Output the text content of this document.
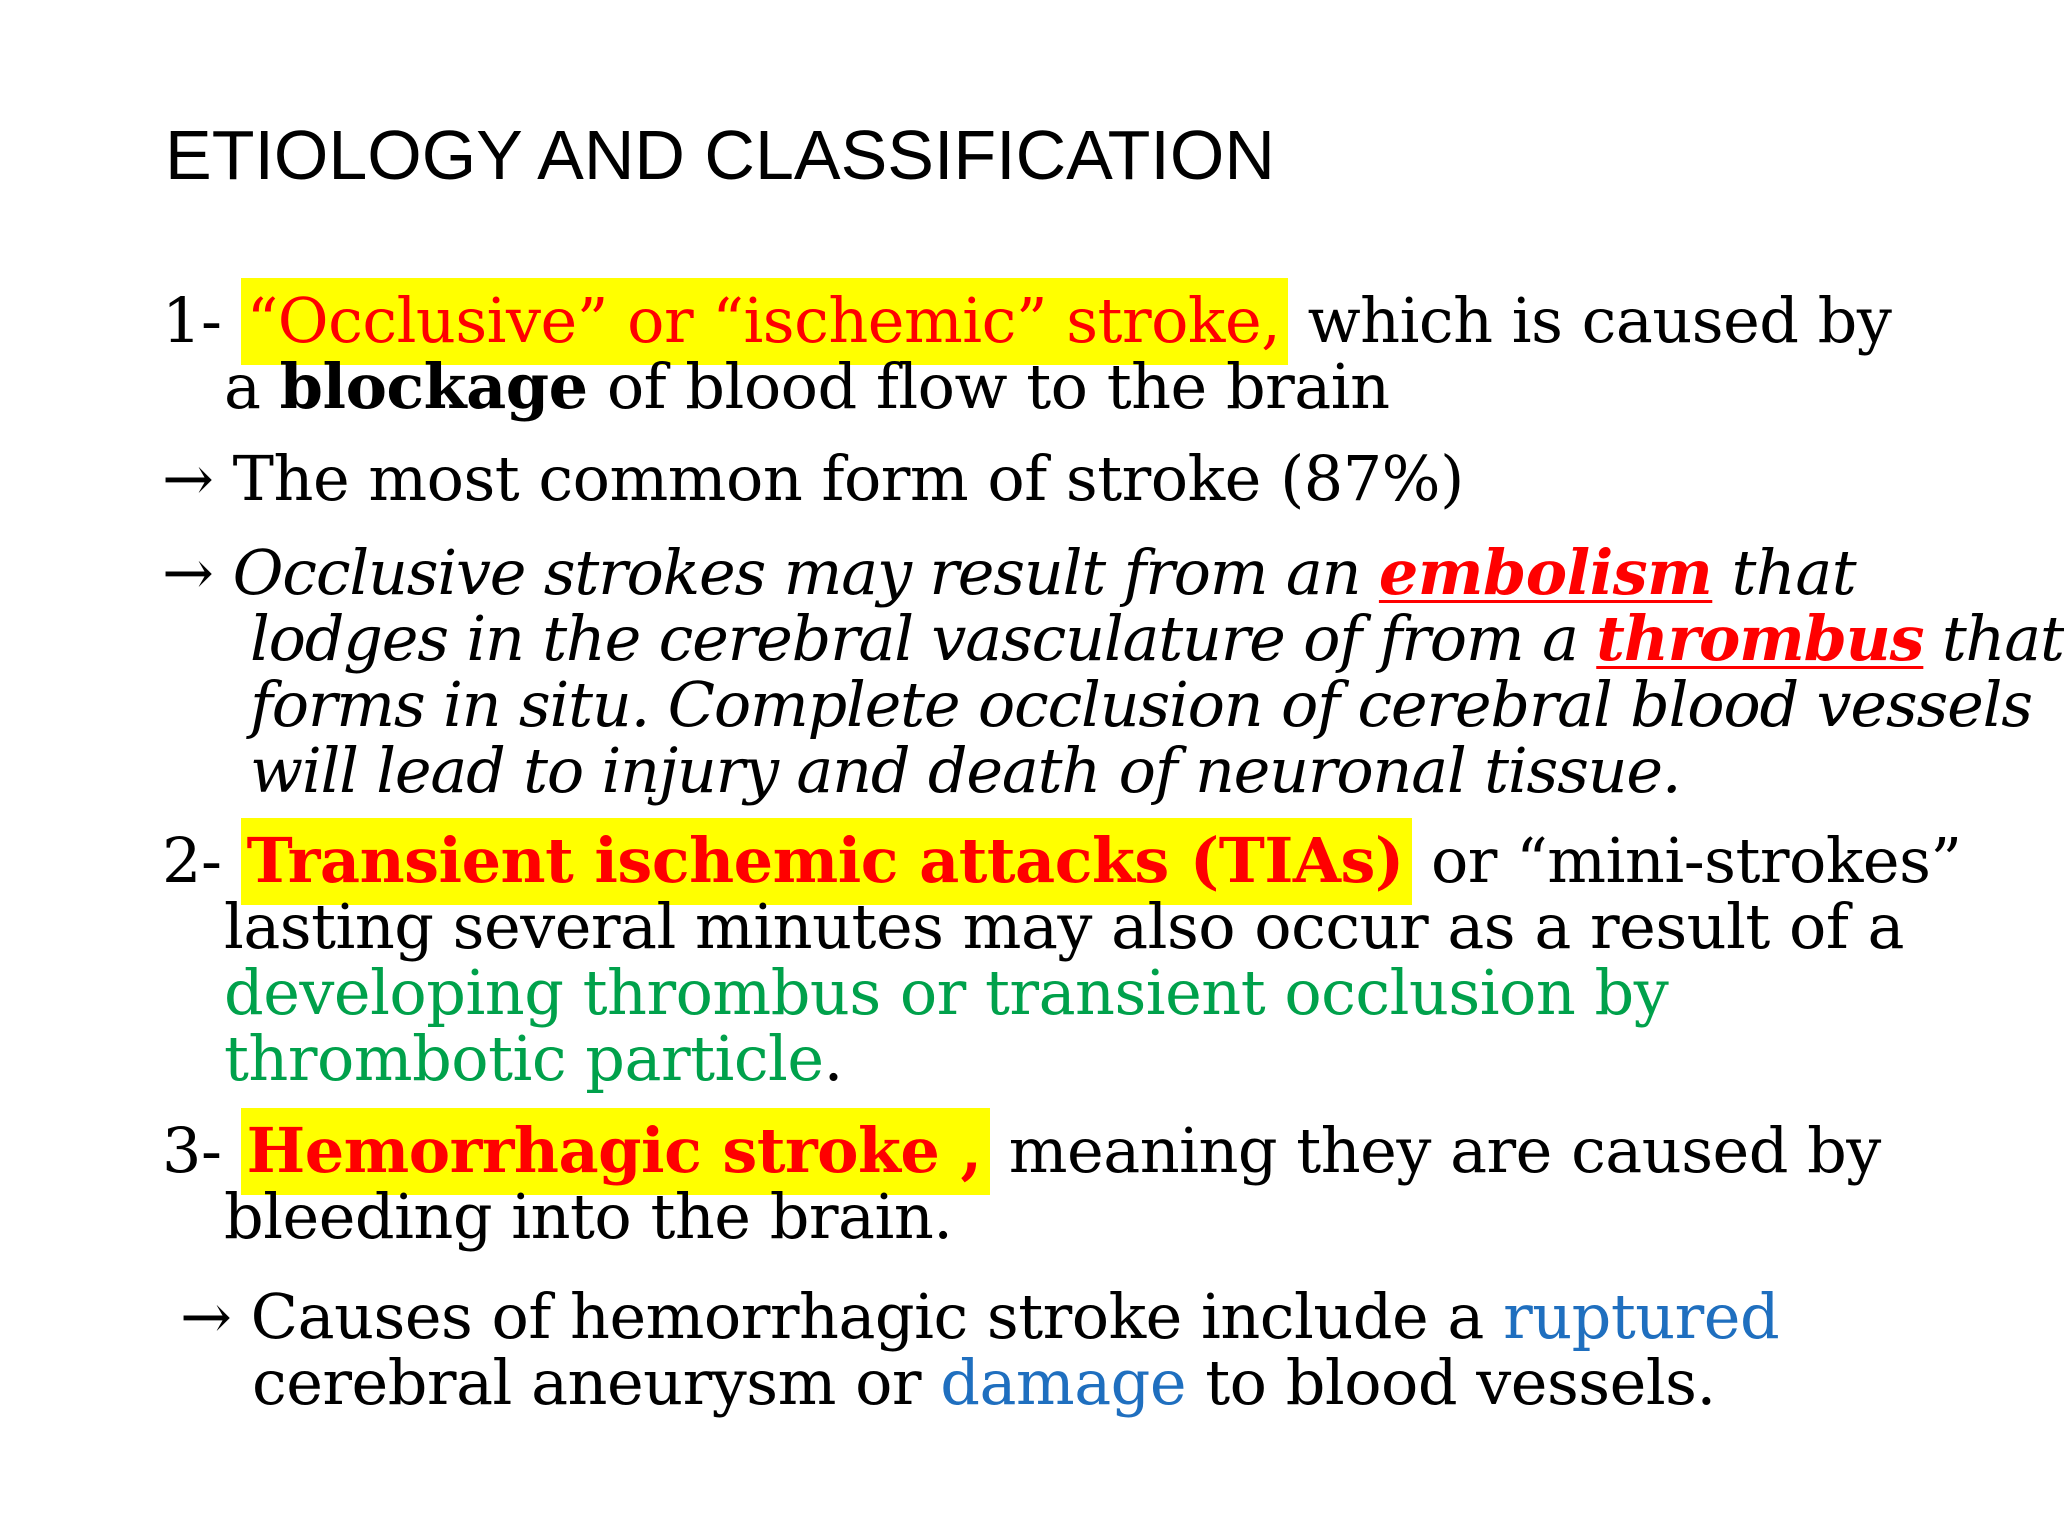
ETIOLOGY AND CLASSIFICATION
1- “Occlusive” or “ischemic” stroke, which is caused by
a blockage of blood flow to the brain
→ The most common form of stroke (87%)
→ Occlusive strokes may result from an embolism that
lodges in the cerebral vasculature of from a thrombus that
forms in situ. Complete occlusion of cerebral blood vessels
will lead to injury and death of neuronal tissue.
2- Transient ischemic attacks (TIAs) or “mini-strokes”
lasting several minutes may also occur as a result of a
developing thrombus or transient occlusion by
thrombotic particle.
3- Hemorrhagic stroke , meaning they are caused by
bleeding into the brain.
→ Causes of hemorrhagic stroke include a ruptured
cerebral aneurysm or damage to blood vessels.
